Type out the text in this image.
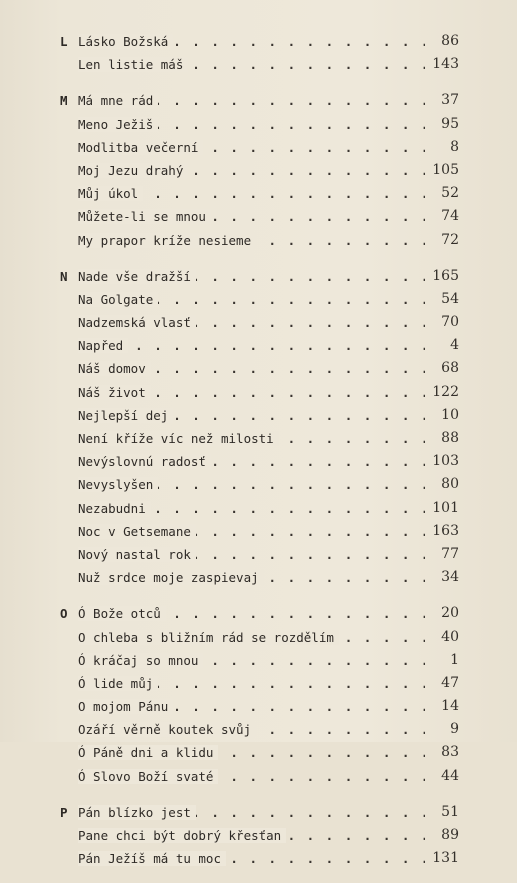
L . . . Lásko Božská	86
. . .
Len listie máš	143
M . . . Má mne rád	37
. . .
Meno Ježiš	95
. . .
Modlitba večerní	8
. . .
Moj Jezu drahý	105
. . .
Můj úkol	52
. . .
Můžete-li se mnou	74
. . .
My prapor kríže nesieme	72
N . . . Nade vše dražší	165
. . .
Na Golgate	54
. . .
Nadzemská vlasť	70
. . .
Napřed	4
. . .
Náš domov	68
. . .
Náš život	122
. . .
Nejlepší dej	10
. . .
Není kříže víc než milosti	88
. . .
Nevýslovnú radosť	103
. . .
Nevyslyšen	80
. . .
Nezabudni	101
. . .
Noc v Getsemane	163
. . .
Nový nastal rok	77
. . .
Nuž srdce moje zaspievaj	34
O . . . Ó Bože otců	20
. . .
O chleba s bližním rád se rozdělím	40
. . .
Ó kráčaj so mnou	1
. . .
Ó lide můj	47
. . .
O mojom Pánu	14
. . .
Ozáří věrně koutek svůj	9
. . .
Ó Páně dni a klidu	83
. . .
Ó Slovo Boží svaté	44
P . . . Pán blízko jest	51
. . .
Pane chci být dobrý křesťan	89
. . .
Pán Ježíš má tu moc	131
